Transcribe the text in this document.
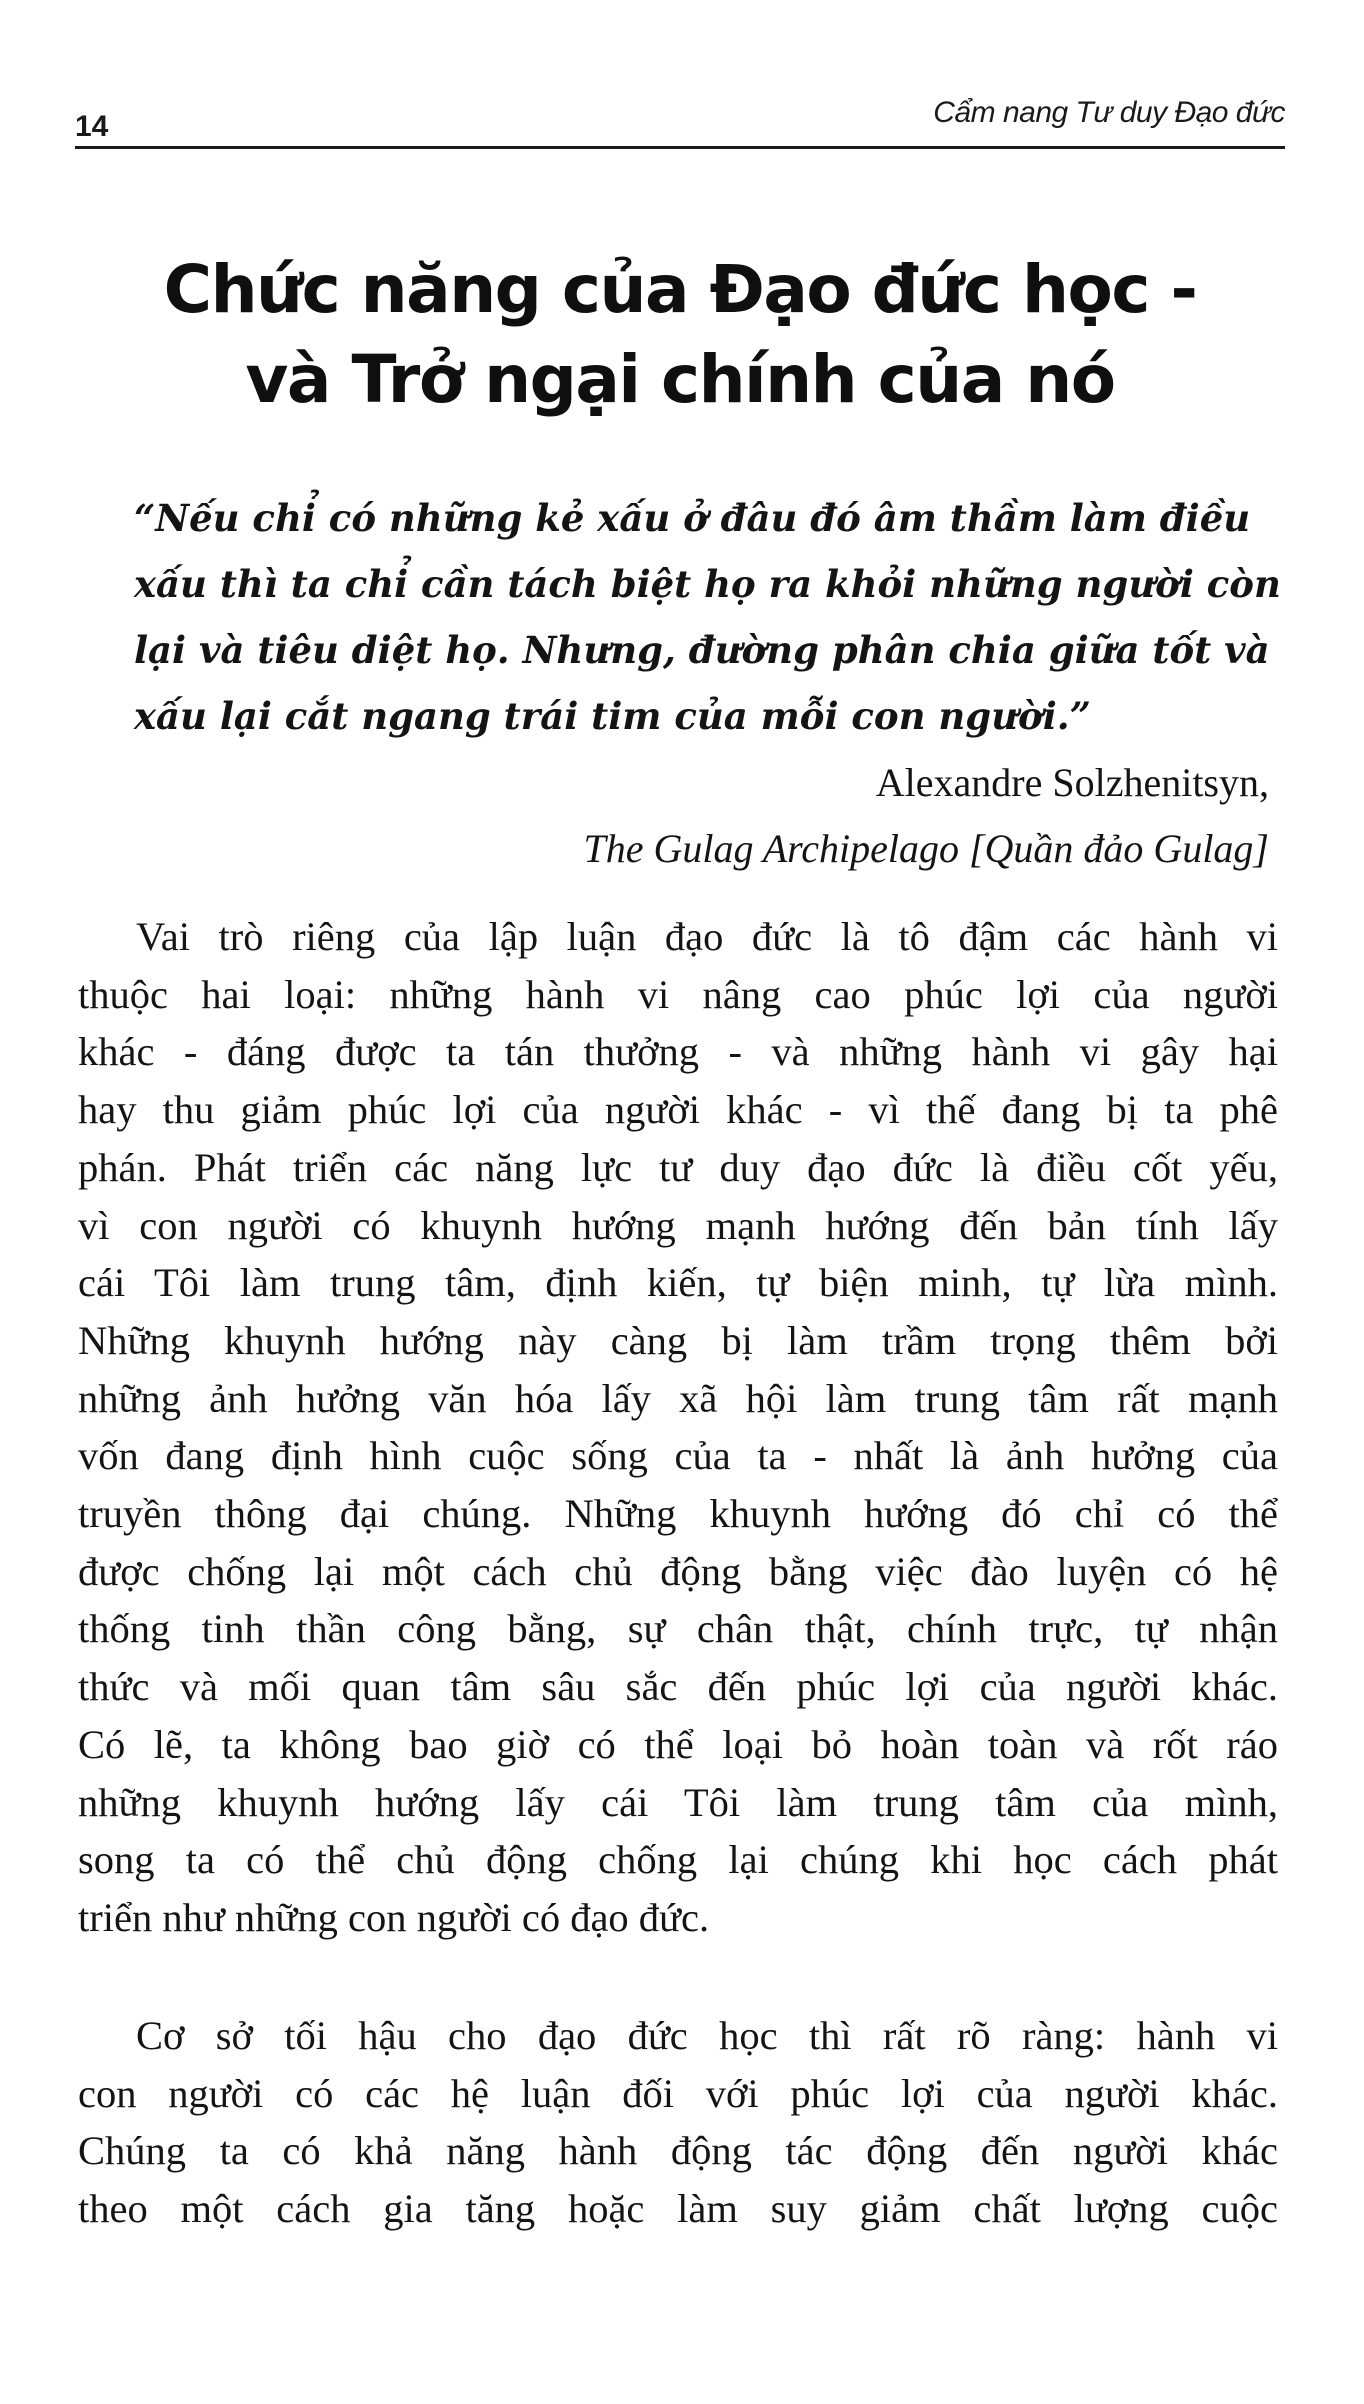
14	Cẩm nang Tư duy Đạo đức
Chức năng của Đạo đức học -
và Trở ngại chính của nó
“Nếu chỉ có những kẻ xấu ở đâu đó âm thầm làm điều
xấu thì ta chỉ cần tách biệt họ ra khỏi những người còn
lại và tiêu diệt họ. Nhưng, đường phân chia giữa tốt và
xấu lại cắt ngang trái tim của mỗi con người.”
Alexandre Solzhenitsyn,
The Gulag Archipelago [Quần đảo Gulag]
Vai trò riêng của lập luận đạo đức là tô đậm các hành vi
thuộc hai loại: những hành vi nâng cao phúc lợi của người
khác - đáng được ta tán thưởng - và những hành vi gây hại
hay thu giảm phúc lợi của người khác - vì thế đang bị ta phê
phán. Phát triển các năng lực tư duy đạo đức là điều cốt yếu,
vì con người có khuynh hướng mạnh hướng đến bản tính lấy
cái Tôi làm trung tâm, định kiến, tự biện minh, tự lừa mình.
Những khuynh hướng này càng bị làm trầm trọng thêm bởi
những ảnh hưởng văn hóa lấy xã hội làm trung tâm rất mạnh
vốn đang định hình cuộc sống của ta - nhất là ảnh hưởng của
truyền thông đại chúng. Những khuynh hướng đó chỉ có thể
được chống lại một cách chủ động bằng việc đào luyện có hệ
thống tinh thần công bằng, sự chân thật, chính trực, tự nhận
thức và mối quan tâm sâu sắc đến phúc lợi của người khác.
Có lẽ, ta không bao giờ có thể loại bỏ hoàn toàn và rốt ráo
những khuynh hướng lấy cái Tôi làm trung tâm của mình,
song ta có thể chủ động chống lại chúng khi học cách phát
triển như những con người có đạo đức.
Cơ sở tối hậu cho đạo đức học thì rất rõ ràng: hành vi
con người có các hệ luận đối với phúc lợi của người khác.
Chúng ta có khả năng hành động tác động đến người khác
theo một cách gia tăng hoặc làm suy giảm chất lượng cuộc
